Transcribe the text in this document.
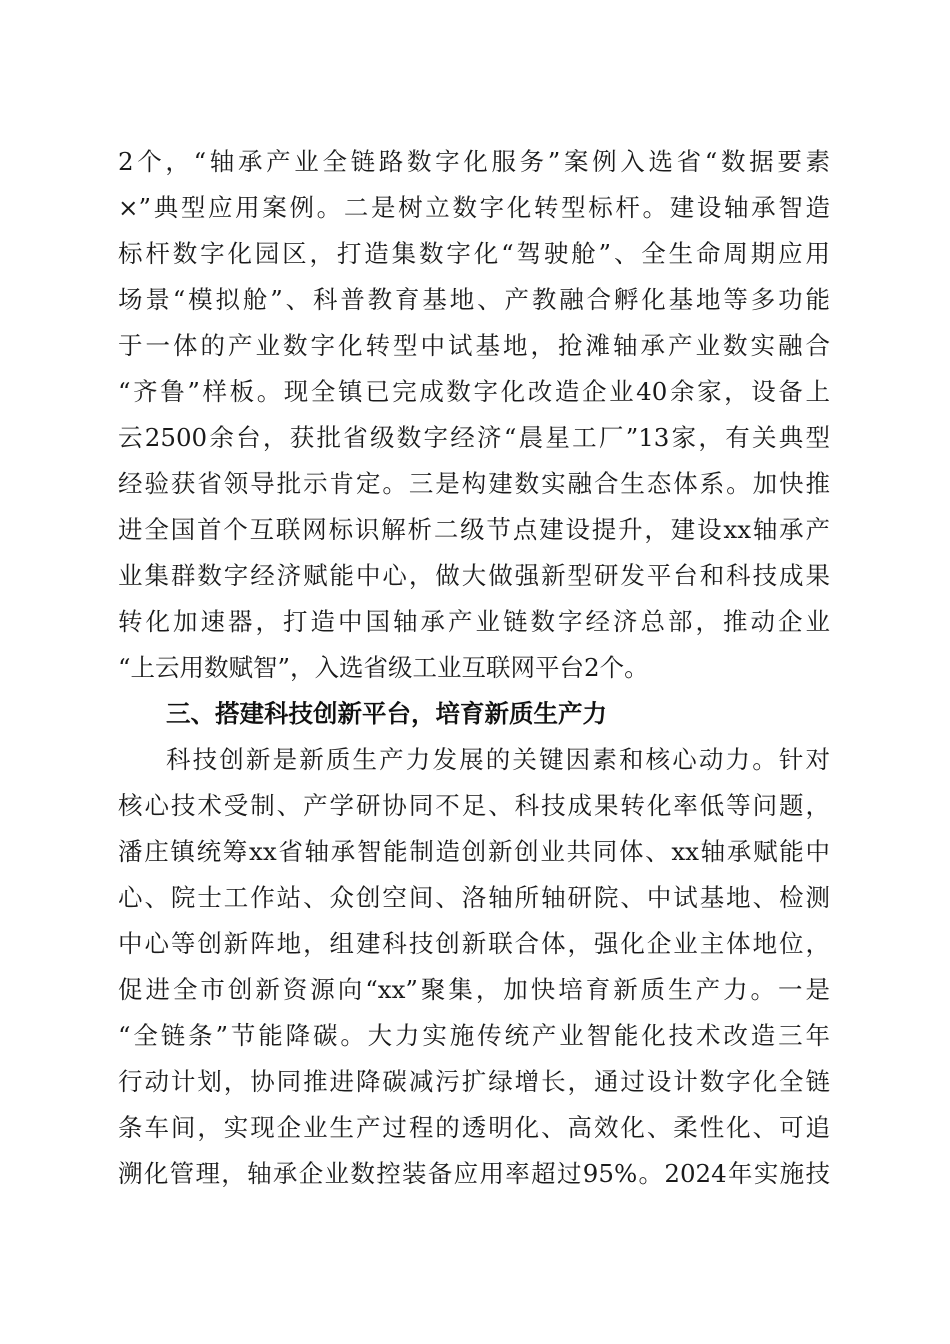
2个，“轴承产业全链路数字化服务”案例入选省“数据要素
×”典型应用案例。二是树立数字化转型标杆。建设轴承智造
标杆数字化园区，打造集数字化“驾驶舱”、全生命周期应用
场景“模拟舱”、科普教育基地、产教融合孵化基地等多功能
于一体的产业数字化转型中试基地，抢滩轴承产业数实融合
“齐鲁”样板。现全镇已完成数字化改造企业40余家，设备上
云2500余台，获批省级数字经济“晨星工厂”13家，有关典型
经验获省领导批示肯定。三是构建数实融合生态体系。加快推
进全国首个互联网标识解析二级节点建设提升，建设xx轴承产
业集群数字经济赋能中心，做大做强新型研发平台和科技成果
转化加速器，打造中国轴承产业链数字经济总部，推动企业
“上云用数赋智”，入选省级工业互联网平台2个。
三、搭建科技创新平台，培育新质生产力
科技创新是新质生产力发展的关键因素和核心动力。针对
核心技术受制、产学研协同不足、科技成果转化率低等问题，
潘庄镇统筹xx省轴承智能制造创新创业共同体、xx轴承赋能中
心、院士工作站、众创空间、洛轴所轴研院、中试基地、检测
中心等创新阵地，组建科技创新联合体，强化企业主体地位，
促进全市创新资源向“xx”聚集，加快培育新质生产力。一是
“全链条”节能降碳。大力实施传统产业智能化技术改造三年
行动计划，协同推进降碳减污扩绿增长，通过设计数字化全链
条车间，实现企业生产过程的透明化、高效化、柔性化、可追
溯化管理，轴承企业数控装备应用率超过95%。2024年实施技
